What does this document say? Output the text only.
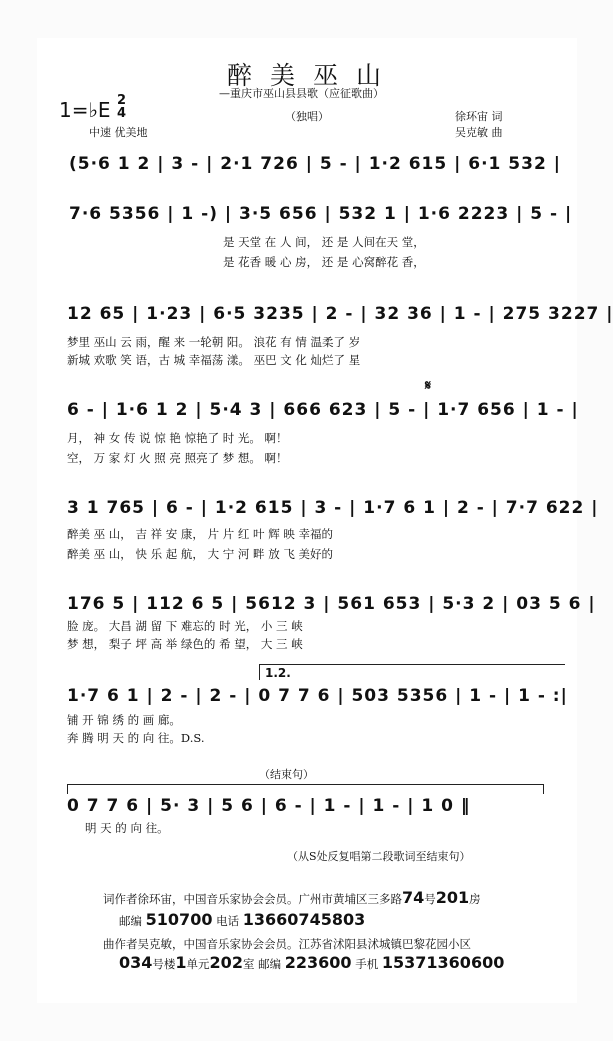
醉美巫山
—重庆市巫山县县歌（应征歌曲）
1=♭E 2
4	（独唱）	徐环宙 词
中速 优美地	吴克敏 曲
(5·6 1 2 | 3 - | 2·1 726 | 5 - | 1·2 615 | 6·1 532 |
7·6 5356 | 1 -) | 3·5 656 | 532 1 | 1·6 2223 | 5 - |
是 天堂 在 人 间， 还 是 人间在天 堂，
是 花香 暖 心 房， 还 是 心窝醉花 香，
12 65 | 1·23 | 6·5 3235 | 2 - | 32 36 | 1 - | 275 3227 |
梦里 巫山 云 雨，醒 来 一轮朝 阳。 浪花 有 情 温柔了 岁
新城 欢歌 笑 语，古 城 幸福荡 漾。 巫巴 文 化 灿烂了 星
𝄋
6 - | 1·6 1 2 | 5·4 3 | 666 623 | 5 - | 1·7 656 | 1 - |
月， 神 女 传 说 惊 艳 惊艳了 时 光。 啊！
空， 万 家 灯 火 照 亮 照亮了 梦 想。 啊！
3 1 765 | 6 - | 1·2 615 | 3 - | 1·7 6 1 | 2 - | 7·7 622 |
醉美 巫 山， 吉 祥 安 康， 片 片 红 叶 辉 映 幸福的
醉美 巫 山， 快 乐 起 航， 大 宁 河 畔 放 飞 美好的
176 5 | 112 6 5 | 5612 3 | 561 653 | 5·3 2 | 03 5 6 |
脸 庞。 大昌 湖 留 下 难忘的 时 光， 小 三 峡
梦 想， 梨子 坪 高 举 绿色的 希 望， 大 三 峡
1.2.
1·7 6 1 | 2 - | 2 - | 0 7 7 6 | 503 5356 | 1 - | 1 - :|
铺 开 锦 绣 的 画 廊。
奔 腾 明 天 的 向 往。D.S.
（结束句）
0 7 7 6 | 5· 3 | 5 6 | 6 - | 1 - | 1 - | 1 0 ‖
明 天 的 向 往。
（从S处反复唱第二段歌词至结束句）
词作者徐环宙，中国音乐家协会会员。广州市黄埔区三多路74号201房
邮编 510700 电话 13660745803
曲作者吴克敏，中国音乐家协会会员。江苏省沭阳县沭城镇巴黎花园小区
034号楼1单元202室 邮编 223600 手机 15371360600
